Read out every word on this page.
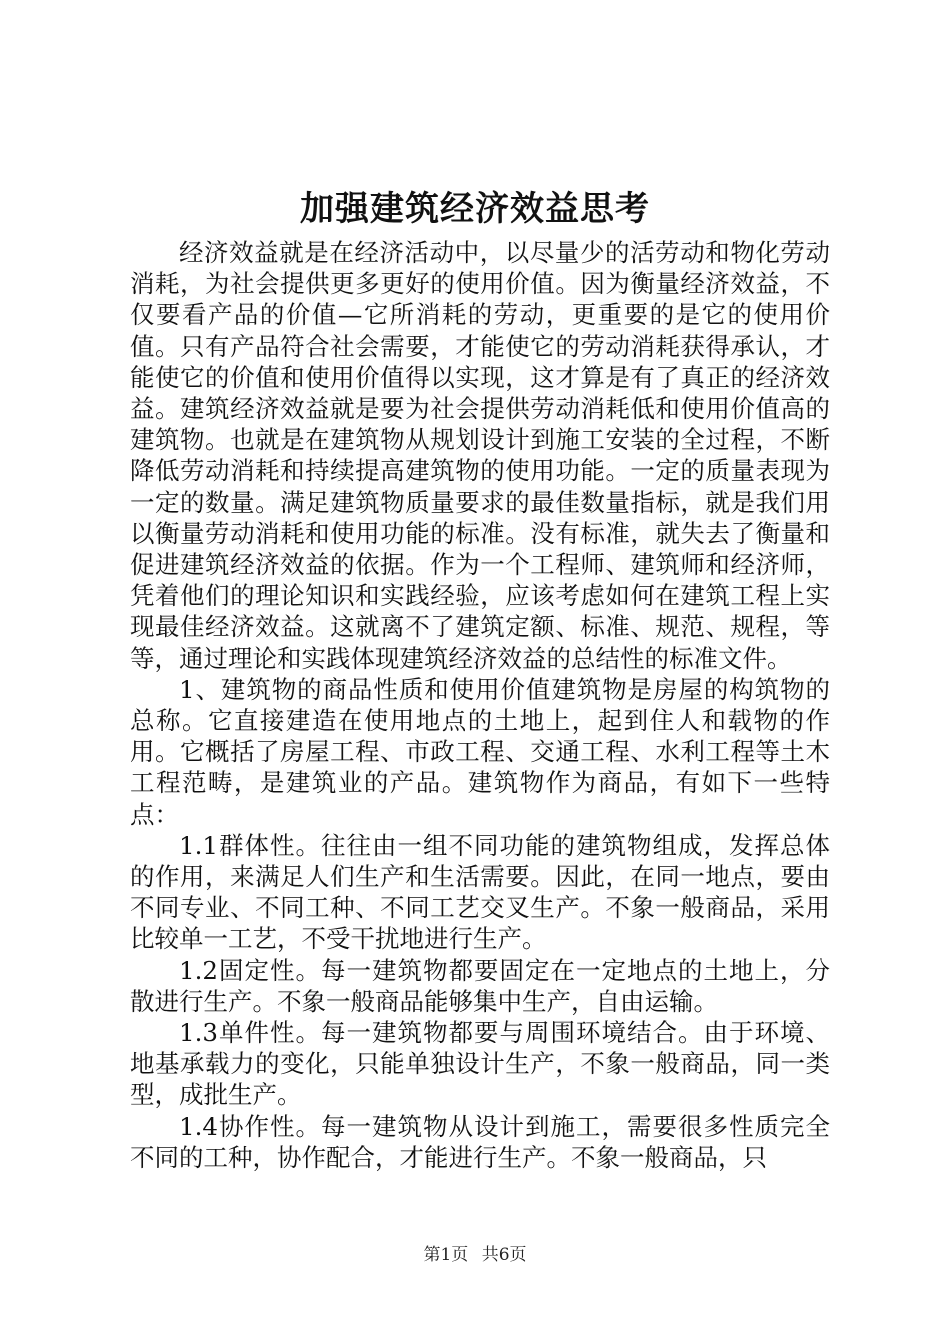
加强建筑经济效益思考

经济效益就是在经济活动中，以尽量少的活劳动和物化劳动消耗，为社会提供更多更好的使用价值。因为衡量经济效益，不仅要看产品的价值—它所消耗的劳动，更重要的是它的使用价值。只有产品符合社会需要，才能使它的劳动消耗获得承认，才能使它的价值和使用价值得以实现，这才算是有了真正的经济效益。建筑经济效益就是要为社会提供劳动消耗低和使用价值高的建筑物。也就是在建筑物从规划设计到施工安装的全过程，不断降低劳动消耗和持续提高建筑物的使用功能。一定的质量表现为一定的数量。满足建筑物质量要求的最佳数量指标，就是我们用以衡量劳动消耗和使用功能的标准。没有标准，就失去了衡量和促进建筑经济效益的依据。作为一个工程师、建筑师和经济师，凭着他们的理论知识和实践经验，应该考虑如何在建筑工程上实现最佳经济效益。这就离不了建筑定额、标准、规范、规程，等等，通过理论和实践体现建筑经济效益的总结性的标准文件。

1、建筑物的商品性质和使用价值建筑物是房屋的构筑物的总称。它直接建造在使用地点的土地上，起到住人和载物的作用。它概括了房屋工程、市政工程、交通工程、水利工程等土木工程范畴，是建筑业的产品。建筑物作为商品，有如下一些特点：

1.1群体性。往往由一组不同功能的建筑物组成，发挥总体的作用，来满足人们生产和生活需要。因此，在同一地点，要由不同专业、不同工种、不同工艺交叉生产。不象一般商品，采用比较单一工艺，不受干扰地进行生产。

1.2固定性。每一建筑物都要固定在一定地点的土地上，分散进行生产。不象一般商品能够集中生产，自由运输。

1.3单件性。每一建筑物都要与周围环境结合。由于环境、地基承载力的变化，只能单独设计生产，不象一般商品，同一类型，成批生产。

1.4协作性。每一建筑物从设计到施工，需要很多性质完全不同的工种，协作配合，才能进行生产。不象一般商品，只

第1页 共6页
